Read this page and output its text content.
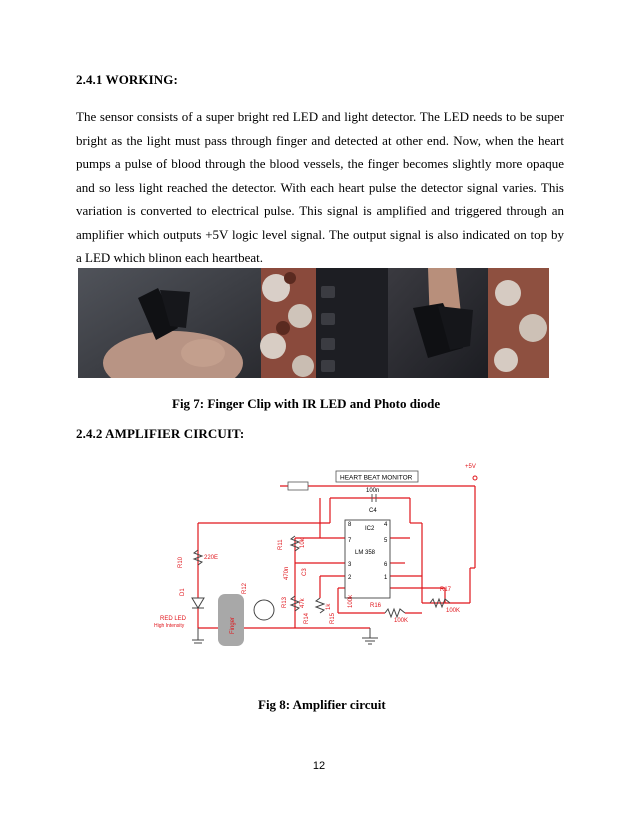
2.4.1 WORKING:
The sensor consists of a super bright red LED and light detector. The LED needs to be super bright as the light must pass through finger and detected at other end. Now, when the heart pumps a pulse of blood through the blood vessels, the finger becomes slightly more opaque and so less light reached the detector. With each heart pulse the detector signal varies. This variation is converted to electrical pulse. This signal is amplified and triggered through an amplifier which outputs +5V logic level signal. The output signal is also indicated on top by a LED which blinon each heartbeat.
Fig 7: Finger Clip with IR LED and Photo diode
2.4.2 AMPLIFIER CIRCUIT:
HEART BEAT MONITOR
+5V
100n
C4
IC2
LM 358
8	4
7	5
3	6
2	1
R10	220E
D1
RED LED
High Intensity	Finger
R12
R11	10k
C3
470n
R13 47k
R14
1k
R15
100k	R16
100K
R17
100K
Fig 8: Amplifier circuit
12
